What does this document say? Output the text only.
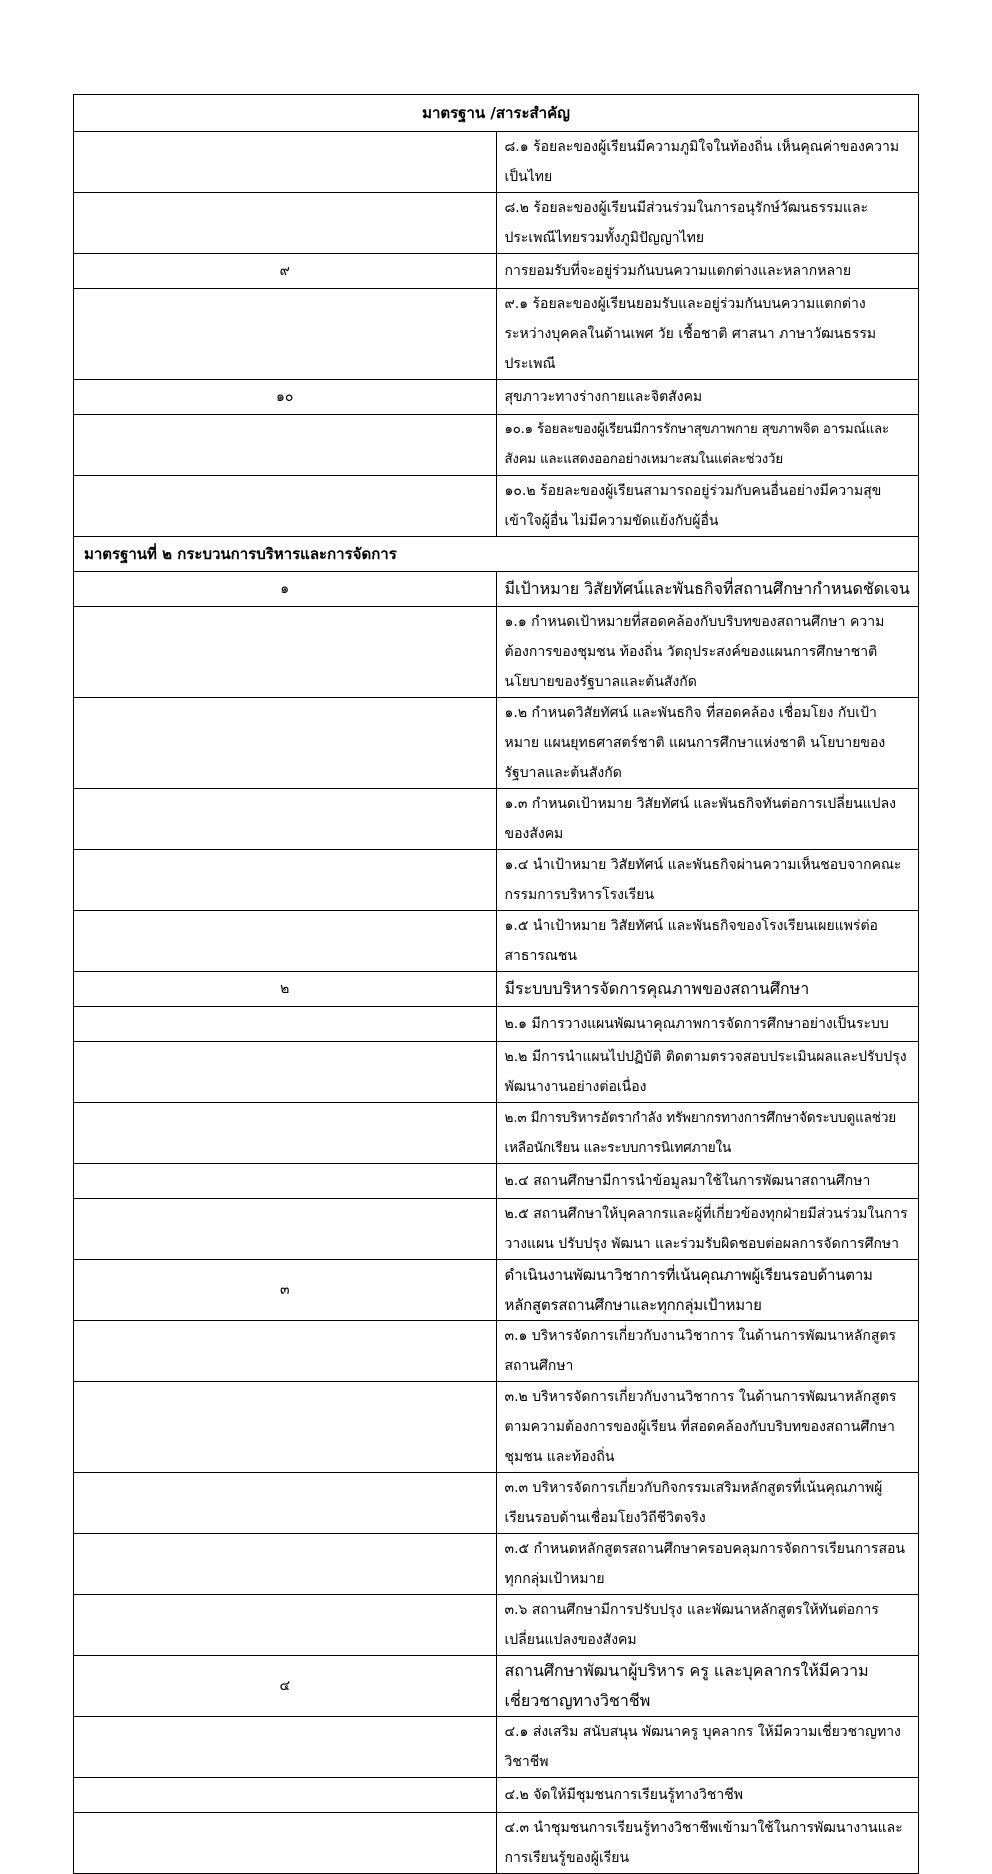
มาตรฐาน /สาระสำคัญ	
	๘.๑ ร้อยละของผู้เรียนมีความภูมิใจในท้องถิ่น เห็นคุณค่าของความเป็นไทย
	๘.๒ ร้อยละของผู้เรียนมีส่วนร่วมในการอนุรักษ์วัฒนธรรมและประเพณีไทยรวมทั้งภูมิปัญญาไทย
๙	การยอมรับที่จะอยู่ร่วมกันบนความแตกต่างและหลากหลาย
	๙.๑ ร้อยละของผู้เรียนยอมรับและอยู่ร่วมกันบนความแตกต่างระหว่างบุคคลในด้านเพศ วัย เชื้อชาติ ศาสนา ภาษาวัฒนธรรม ประเพณี
๑๐	สุขภาวะทางร่างกายและจิตสังคม
	๑๐.๑ ร้อยละของผู้เรียนมีการรักษาสุขภาพกาย สุขภาพจิต อารมณ์และสังคม และแสดงออกอย่างเหมาะสมในแต่ละช่วงวัย
	๑๐.๒ ร้อยละของผู้เรียนสามารถอยู่ร่วมกับคนอื่นอย่างมีความสุข เข้าใจผู้อื่น ไม่มีความขัดแย้งกับผู้อื่น
มาตรฐานที่ ๒ กระบวนการบริหารและการจัดการ	
๑	มีเป้าหมาย วิสัยทัศน์และพันธกิจที่สถานศึกษากำหนดชัดเจน
	๑.๑ กำหนดเป้าหมายที่สอดคล้องกับบริบทของสถานศึกษา ความต้องการของชุมชน ท้องถิ่น วัตถุประสงค์ของแผนการศึกษาชาติ นโยบายของรัฐบาลและต้นสังกัด
	๑.๒ กำหนดวิสัยทัศน์ และพันธกิจ ที่สอดคล้อง เชื่อมโยง กับเป้าหมาย แผนยุทธศาสตร์ชาติ แผนการศึกษาแห่งชาติ นโยบายของรัฐบาลและต้นสังกัด
	๑.๓ กำหนดเป้าหมาย วิสัยทัศน์ และพันธกิจทันต่อการเปลี่ยนแปลงของสังคม
	๑.๔ นำเป้าหมาย วิสัยทัศน์ และพันธกิจผ่านความเห็นชอบจากคณะกรรมการบริหารโรงเรียน
	๑.๕ นำเป้าหมาย วิสัยทัศน์ และพันธกิจของโรงเรียนเผยแพร่ต่อสาธารณชน
๒	มีระบบบริหารจัดการคุณภาพของสถานศึกษา
	๒.๑ มีการวางแผนพัฒนาคุณภาพการจัดการศึกษาอย่างเป็นระบบ
	๒.๒ มีการนำแผนไปปฏิบัติ ติดตามตรวจสอบประเมินผลและปรับปรุงพัฒนางานอย่างต่อเนื่อง
	๒.๓ มีการบริหารอัตรากำลัง ทรัพยากรทางการศึกษาจัดระบบดูแลช่วยเหลือนักเรียน และระบบการนิเทศภายใน
	๒.๔ สถานศึกษามีการนำข้อมูลมาใช้ในการพัฒนาสถานศึกษา
	๒.๕ สถานศึกษาให้บุคลากรและผู้ที่เกี่ยวข้องทุกฝ่ายมีส่วนร่วมในการวางแผน ปรับปรุง พัฒนา และร่วมรับผิดชอบต่อผลการจัดการศึกษา
๓	ดำเนินงานพัฒนาวิชาการที่เน้นคุณภาพผู้เรียนรอบด้านตามหลักสูตรสถานศึกษาและทุกกลุ่มเป้าหมาย
	๓.๑ บริหารจัดการเกี่ยวกับงานวิชาการ ในด้านการพัฒนาหลักสูตรสถานศึกษา
	๓.๒ บริหารจัดการเกี่ยวกับงานวิชาการ ในด้านการพัฒนาหลักสูตรตามความต้องการของผู้เรียน ที่สอดคล้องกับบริบทของสถานศึกษา ชุมชน และท้องถิ่น
	๓.๓ บริหารจัดการเกี่ยวกับกิจกรรมเสริมหลักสูตรที่เน้นคุณภาพผู้เรียนรอบด้านเชื่อมโยงวิถีชีวิตจริง
	๓.๕ กำหนดหลักสูตรสถานศึกษาครอบคลุมการจัดการเรียนการสอนทุกกลุ่มเป้าหมาย
	๓.๖ สถานศึกษามีการปรับปรุง และพัฒนาหลักสูตรให้ทันต่อการเปลี่ยนแปลงของสังคม
๔	สถานศึกษาพัฒนาผู้บริหาร ครู และบุคลากรให้มีความเชี่ยวชาญทางวิชาชีพ
	๔.๑ ส่งเสริม สนับสนุน พัฒนาครู บุคลากร ให้มีความเชี่ยวชาญทางวิชาชีพ
	๔.๒ จัดให้มีชุมชนการเรียนรู้ทางวิชาชีพ
	๔.๓ นำชุมชนการเรียนรู้ทางวิชาชีพเข้ามาใช้ในการพัฒนางานและการเรียนรู้ของผู้เรียน
